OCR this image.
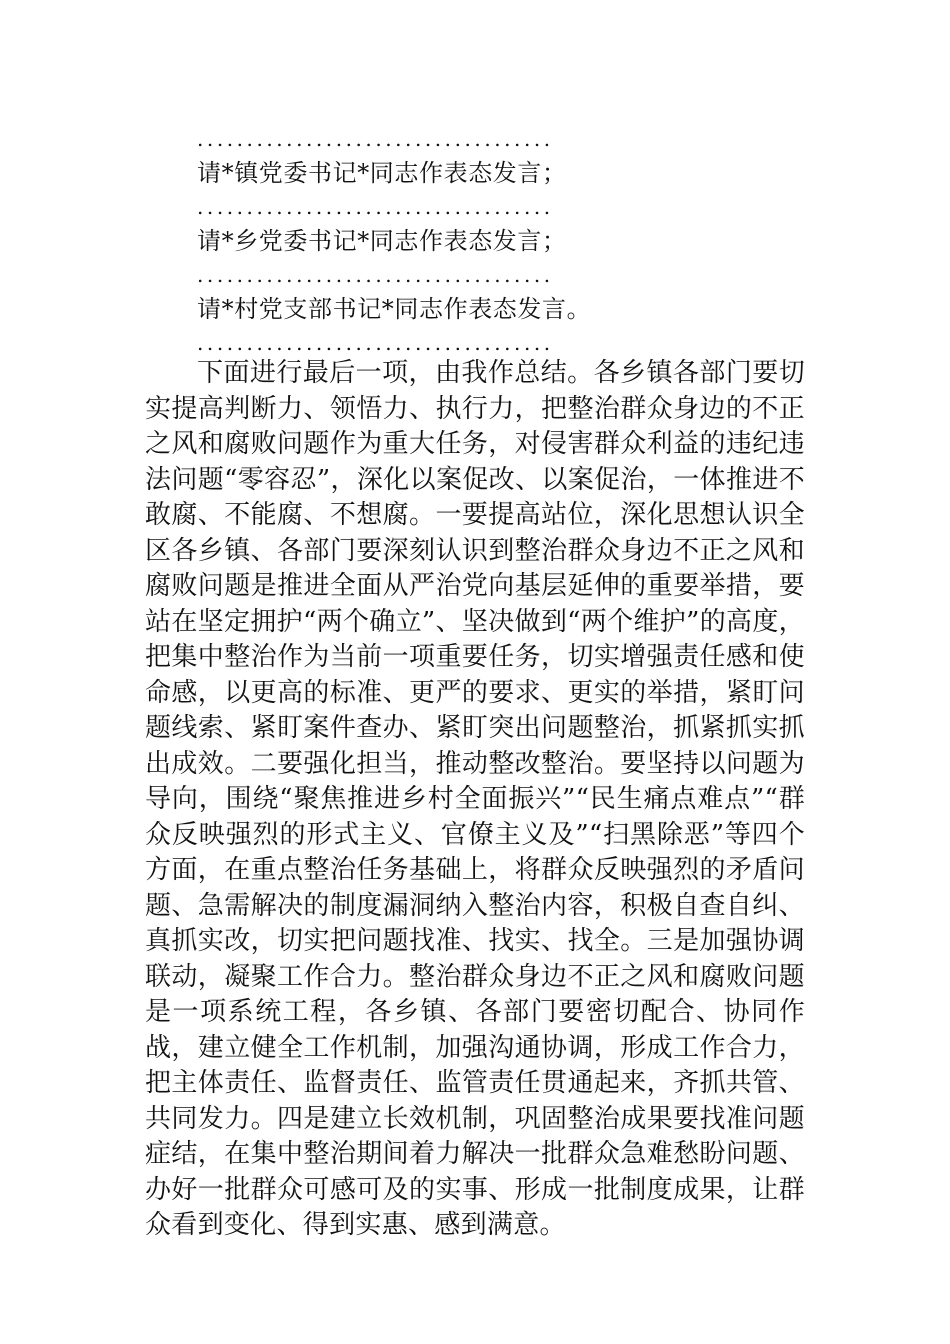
....................................
请*镇党委书记*同志作表态发言；
....................................
请*乡党委书记*同志作表态发言；
....................................
请*村党支部书记*同志作表态发言。
....................................

下面进行最后一项，由我作总结。各乡镇各部门要切实提高判断力、领悟力、执行力，把整治群众身边的不正之风和腐败问题作为重大任务，对侵害群众利益的违纪违法问题“零容忍”，深化以案促改、以案促治，一体推进不敢腐、不能腐、不想腐。一要提高站位，深化思想认识全区各乡镇、各部门要深刻认识到整治群众身边不正之风和腐败问题是推进全面从严治党向基层延伸的重要举措，要站在坚定拥护“两个确立”、坚决做到“两个维护”的高度，把集中整治作为当前一项重要任务，切实增强责任感和使命感，以更高的标准、更严的要求、更实的举措，紧盯问题线索、紧盯案件查办、紧盯突出问题整治，抓紧抓实抓出成效。二要强化担当，推动整改整治。要坚持以问题为导向，围绕“聚焦推进乡村全面振兴”“民生痛点难点”“群众反映强烈的形式主义、官僚主义及”“扫黑除恶”等四个方面，在重点整治任务基础上，将群众反映强烈的矛盾问题、急需解决的制度漏洞纳入整治内容，积极自查自纠、真抓实改，切实把问题找准、找实、找全。三是加强协调联动，凝聚工作合力。整治群众身边不正之风和腐败问题是一项系统工程，各乡镇、各部门要密切配合、协同作战，建立健全工作机制，加强沟通协调，形成工作合力，把主体责任、监督责任、监管责任贯通起来，齐抓共管、共同发力。四是建立长效机制，巩固整治成果要找准问题症结，在集中整治期间着力解决一批群众急难愁盼问题、办好一批群众可感可及的实事、形成一批制度成果，让群众看到变化、得到实惠、感到满意。
